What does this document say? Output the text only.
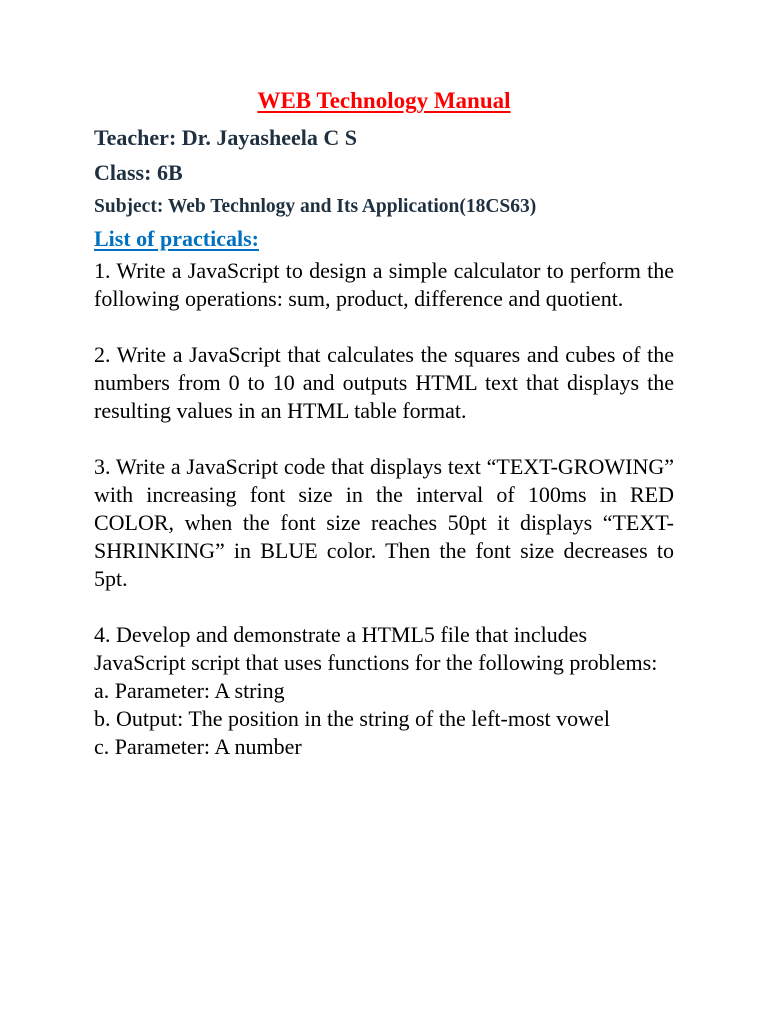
WEB Technology Manual
Teacher: Dr. Jayasheela C S
Class: 6B
Subject: Web Technlogy and Its Application(18CS63)
List of practicals:

1. Write a JavaScript to design a simple calculator to perform the following operations: sum, product, difference and quotient.

2. Write a JavaScript that calculates the squares and cubes of the numbers from 0 to 10 and outputs HTML text that displays the resulting values in an HTML table format.

3. Write a JavaScript code that displays text “TEXT-GROWING” with increasing font size in the interval of 100ms in RED COLOR, when the font size reaches 50pt it displays “TEXT-SHRINKING” in BLUE color. Then the font size decreases to 5pt.

4. Develop and demonstrate a HTML5 file that includes JavaScript script that uses functions for the following problems:
a. Parameter: A string
b. Output: The position in the string of the left-most vowel
c. Parameter: A number
